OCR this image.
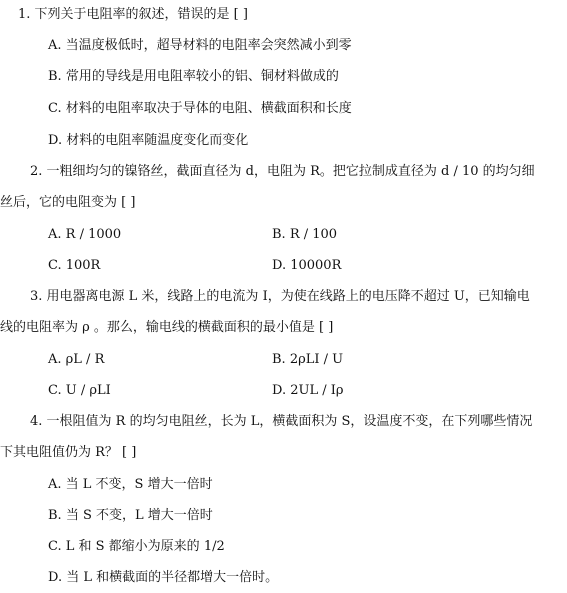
1. 下列关于电阻率的叙述，错误的是 [ ]
A. 当温度极低时，超导材料的电阻率会突然减小到零
B. 常用的导线是用电阻率较小的铝、铜材料做成的
C. 材料的电阻率取决于导体的电阻、横截面积和长度
D. 材料的电阻率随温度变化而变化
2. 一粗细均匀的镍铬丝，截面直径为 d，电阻为 R。把它拉制成直径为 d / 10 的均匀细
丝后，它的电阻变为 [ ]
A. R / 1000	B. R / 100
C. 100R	D. 10000R
3. 用电器离电源 L 米，线路上的电流为 I，为使在线路上的电压降不超过 U，已知输电
线的电阻率为 ρ 。那么，输电线的横截面积的最小值是 [ ]
A. ρL / R	B. 2ρLI / U
C. U / ρLI	D. 2UL / Iρ
4. 一根阻值为 R 的均匀电阻丝，长为 L，横截面积为 S，设温度不变，在下列哪些情况
下其电阻值仍为 R？ [ ]
A. 当 L 不变，S 增大一倍时
B. 当 S 不变，L 增大一倍时
C. L 和 S 都缩小为原来的 1/2
D. 当 L 和横截面的半径都增大一倍时。
